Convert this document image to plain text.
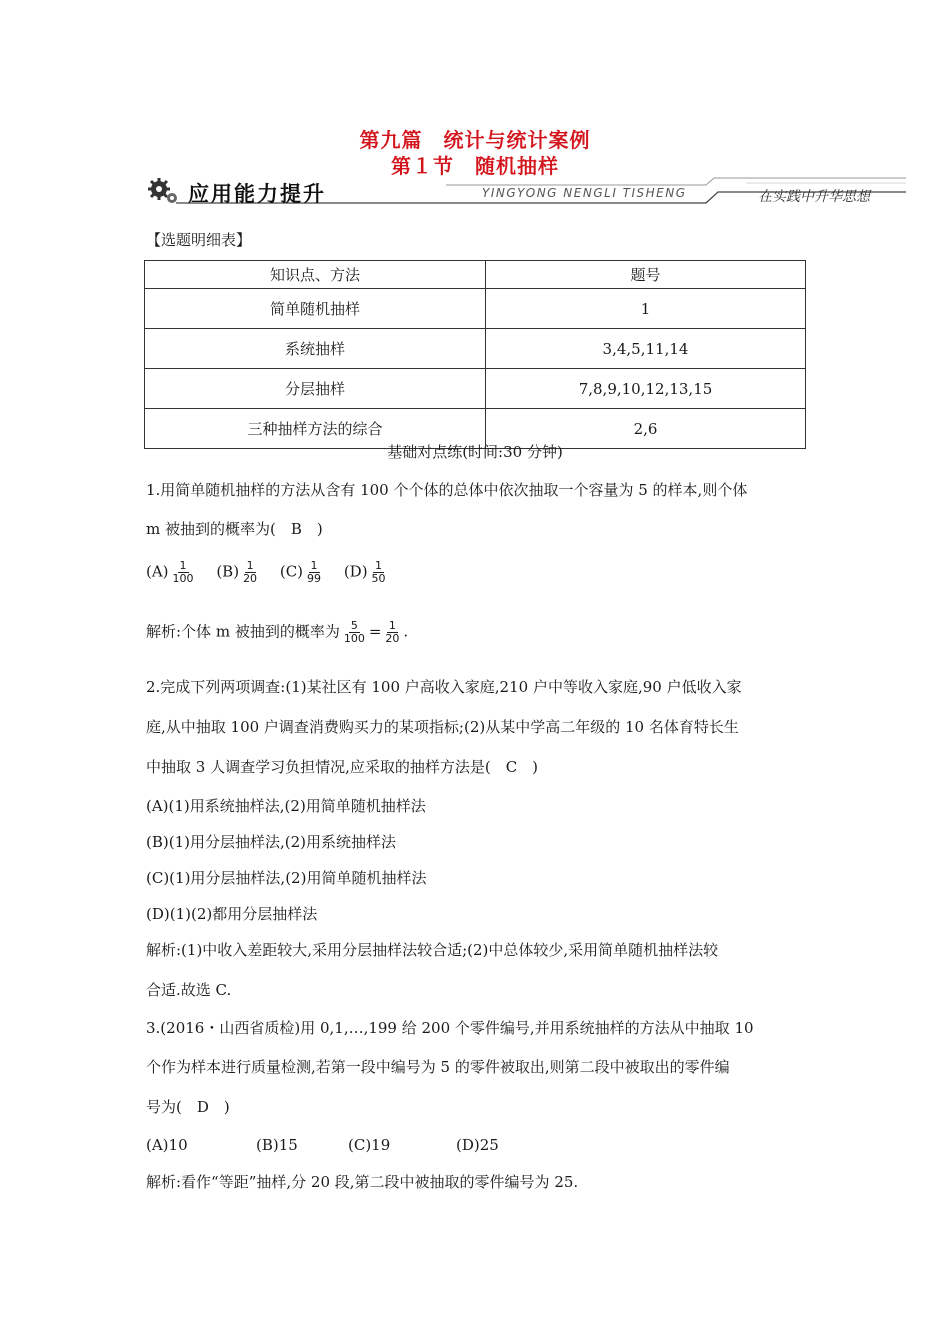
第九篇　统计与统计案例
第１节　随机抽样
应用能力提升	YINGYONG NENGLI TISHENG	在实践中升华思想
【选题明细表】
知识点、方法	题号
简单随机抽样	1
系统抽样	3,4,5,11,14
分层抽样	7,8,9,10,12,13,15
三种抽样方法的综合	2,6
基础对点练(时间:30 分钟)
1.用简单随机抽样的方法从含有 100 个个体的总体中依次抽取一个容量为 5 的样本,则个体
m 被抽到的概率为(　B　)
$(A) \frac{1}{100} (B) \frac{1}{20} (C) \frac{1}{99} (D) \frac{1}{50}$
解析:个体 m 被抽到的概率为 $\frac{5}{100} = \frac{1}{20}$ .
2.完成下列两项调查:(1)某社区有 100 户高收入家庭,210 户中等收入家庭,90 户低收入家
庭,从中抽取 100 户调查消费购买力的某项指标;(2)从某中学高二年级的 10 名体育特长生
中抽取 3 人调查学习负担情况,应采取的抽样方法是(　C　)
(A)(1)用系统抽样法,(2)用简单随机抽样法
(B)(1)用分层抽样法,(2)用系统抽样法
(C)(1)用分层抽样法,(2)用简单随机抽样法
(D)(1)(2)都用分层抽样法
解析:(1)中收入差距较大,采用分层抽样法较合适;(2)中总体较少,采用简单随机抽样法较
合适.故选 C.
3.(2016・山西省质检)用 0,1,…,199 给 200 个零件编号,并用系统抽样的方法从中抽取 10
个作为样本进行质量检测,若第一段中编号为 5 的零件被取出,则第二段中被取出的零件编
号为(　D　)
(A)10	(B)15	(C)19	(D)25
解析:看作“等距”抽样,分 20 段,第二段中被抽取的零件编号为 25.
